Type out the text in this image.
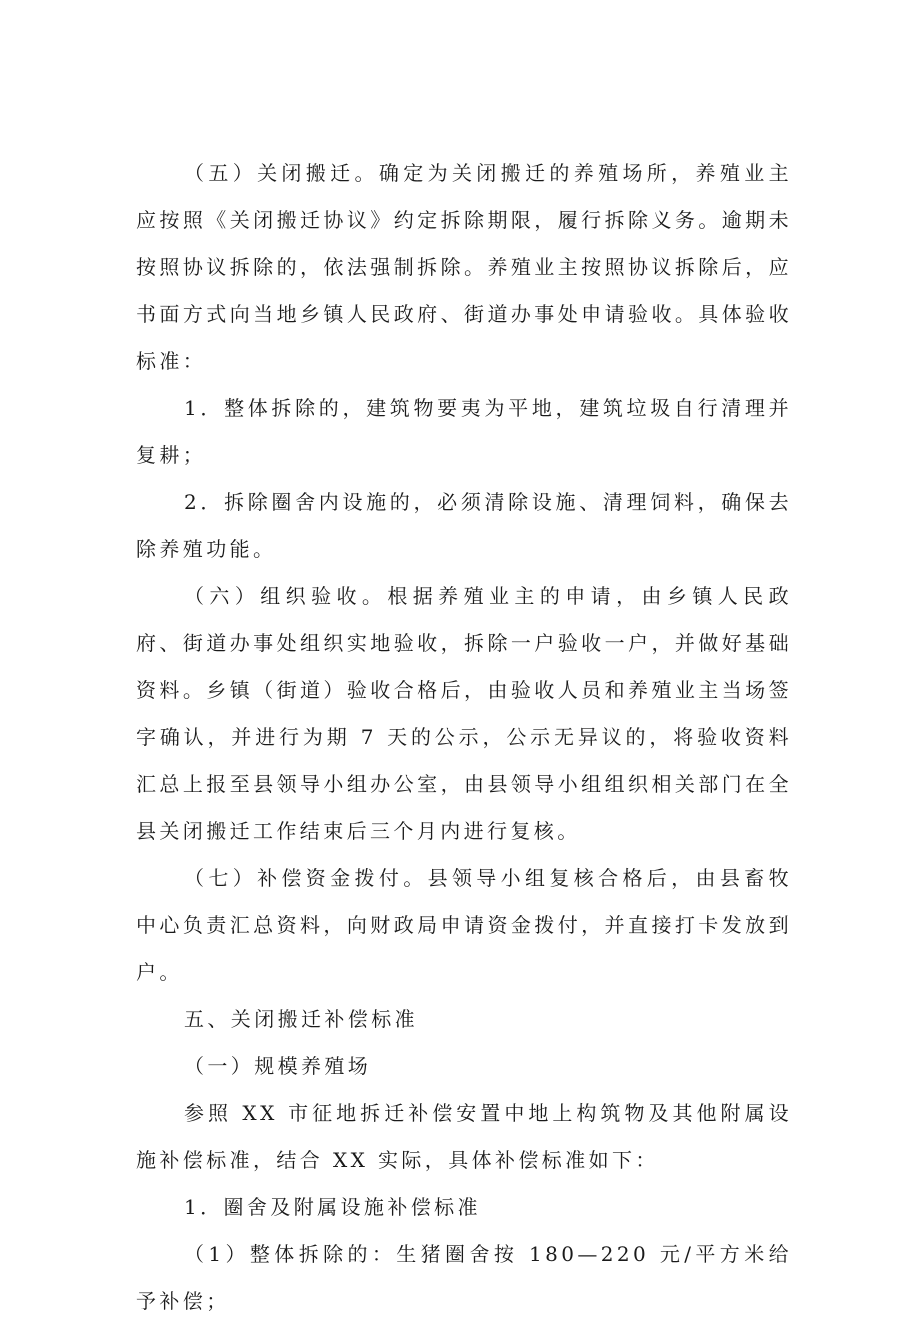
（五）关闭搬迁。确定为关闭搬迁的养殖场所，养殖业主应按照《关闭搬迁协议》约定拆除期限，履行拆除义务。逾期未按照协议拆除的，依法强制拆除。养殖业主按照协议拆除后，应书面方式向当地乡镇人民政府、街道办事处申请验收。具体验收标准：

1．整体拆除的，建筑物要夷为平地，建筑垃圾自行清理并复耕；

2．拆除圈舍内设施的，必须清除设施、清理饲料，确保去除养殖功能。

（六）组织验收。根据养殖业主的申请，由乡镇人民政府、街道办事处组织实地验收，拆除一户验收一户，并做好基础资料。乡镇（街道）验收合格后，由验收人员和养殖业主当场签字确认，并进行为期 7 天的公示，公示无异议的，将验收资料汇总上报至县领导小组办公室，由县领导小组组织相关部门在全县关闭搬迁工作结束后三个月内进行复核。

（七）补偿资金拨付。县领导小组复核合格后，由县畜牧中心负责汇总资料，向财政局申请资金拨付，并直接打卡发放到户。

五、关闭搬迁补偿标准

（一）规模养殖场

参照 XX 市征地拆迁补偿安置中地上构筑物及其他附属设施补偿标准，结合 XX 实际，具体补偿标准如下：

1．圈舍及附属设施补偿标准

（1）整体拆除的：生猪圈舍按 180—220 元/平方米给予补偿；
